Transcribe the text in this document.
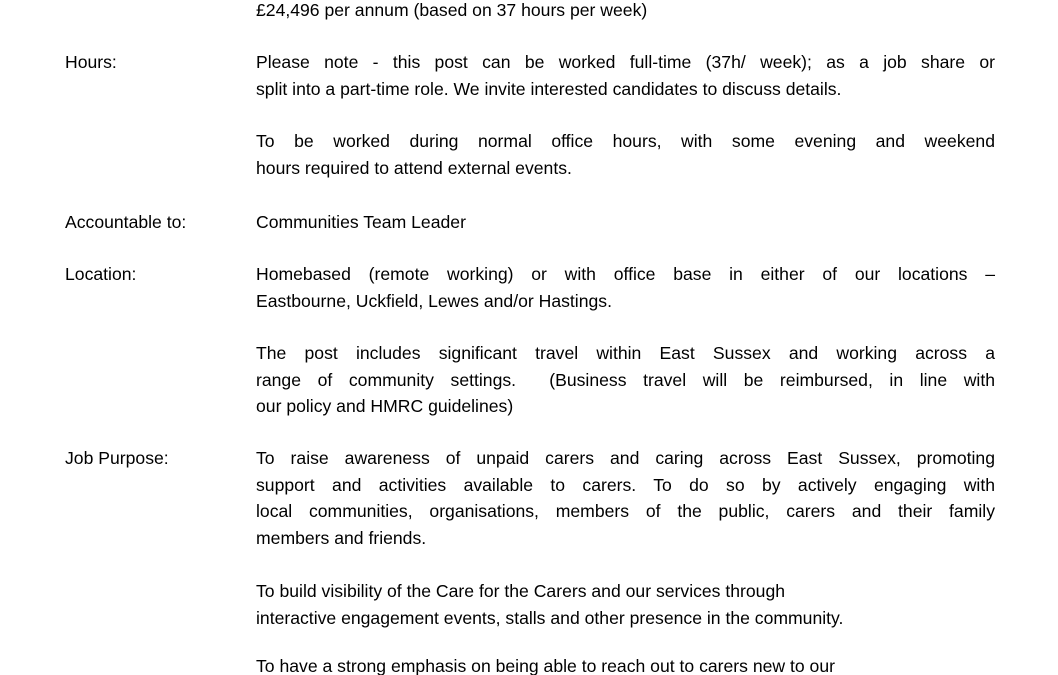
£24,496 per annum (based on 37 hours per week)
Hours:	Please note - this post can be worked full-time (37h/ week); as a job share or
split into a part-time role. We invite interested candidates to discuss details.
To be worked during normal office hours, with some evening and weekend
hours required to attend external events.
Accountable to:	Communities Team Leader
Location:	Homebased (remote working) or with office base in either of our locations –
Eastbourne, Uckfield, Lewes and/or Hastings.
The post includes significant travel within East Sussex and working across a
range of community settings.  (Business travel will be reimbursed, in line with
our policy and HMRC guidelines)
Job Purpose:	To raise awareness of unpaid carers and caring across East Sussex, promoting
support and activities available to carers. To do so by actively engaging with
local communities, organisations, members of the public, carers and their family
members and friends.
To build visibility of the Care for the Carers and our services through
interactive engagement events, stalls and other presence in the community.
To have a strong emphasis on being able to reach out to carers new to our
